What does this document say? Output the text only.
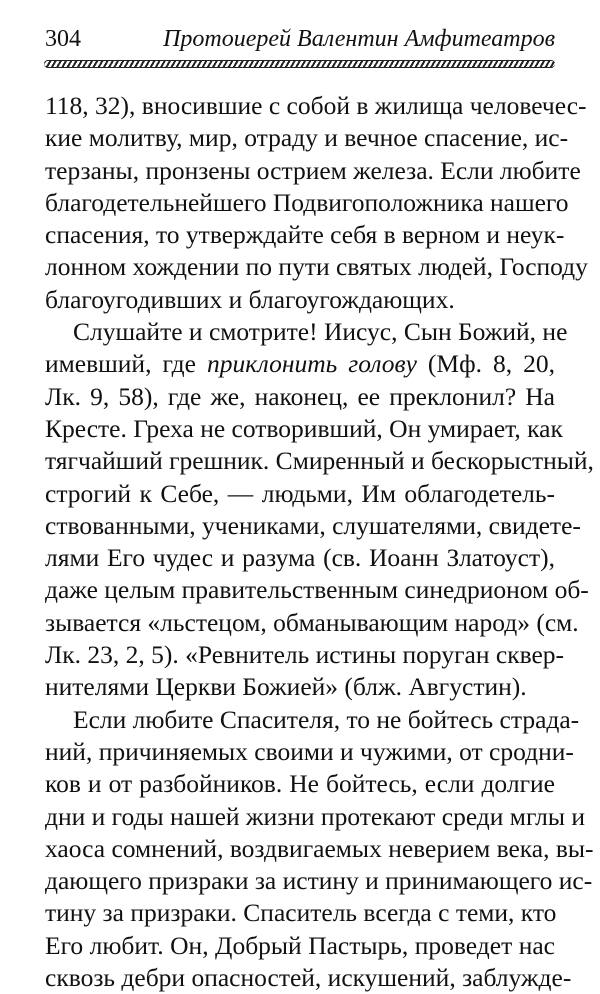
304	Протоиерей Валентин Амфитеатров
118, 32), вносившие с собой в жилища человечес-
кие молитву, мир, отраду и вечное спасение, ис-
терзаны, пронзены острием железа. Если любите
благодетельнейшего Подвигоположника нашего
спасения, то утверждайте себя в верном и неук-
лонном хождении по пути святых людей, Господу
благоугодивших и благоугождающих.
Слушайте и смотрите! Иисус, Сын Божий, не
имевший, где приклонить голову (Мф. 8, 20,
Лк. 9, 58), где же, наконец, ее преклонил? На
Кресте. Греха не сотворивший, Он умирает, как
тягчайший грешник. Смиренный и бескорыстный,
строгий к Себе, — людьми, Им облагодетель-
ствованными, учениками, слушателями, свидете-
лями Его чудес и разума (св. Иоанн Златоуст),
даже целым правительственным синедрионом об-
зывается «льстецом, обманывающим народ» (см.
Лк. 23, 2, 5). «Ревнитель истины поруган сквер-
нителями Церкви Божией» (блж. Августин).
Если любите Спасителя, то не бойтесь страда-
ний, причиняемых своими и чужими, от сродни-
ков и от разбойников. Не бойтесь, если долгие
дни и годы нашей жизни протекают среди мглы и
хаоса сомнений, воздвигаемых неверием века, вы-
дающего призраки за истину и принимающего ис-
тину за призраки. Спаситель всегда с теми, кто
Его любит. Он, Добрый Пастырь, проведет нас
сквозь дебри опасностей, искушений, заблужде-
